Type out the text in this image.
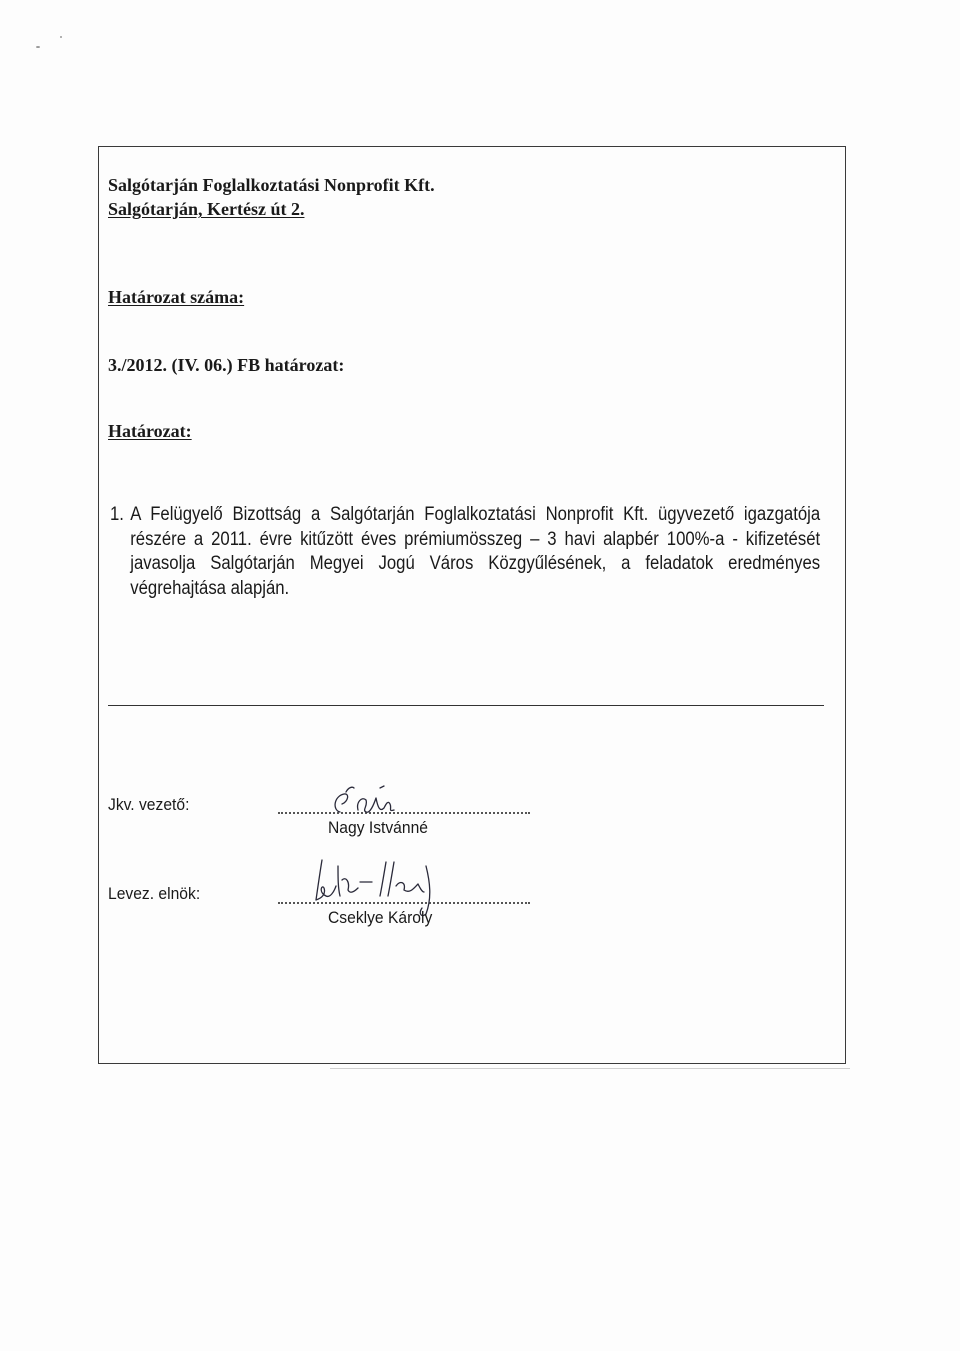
Salgótarján Foglalkoztatási Nonprofit Kft.
Salgótarján, Kertész út 2.
Határozat száma:
3./2012. (IV. 06.) FB határozat:
Határozat:
1. A Felügyelő Bizottság a Salgótarján Foglalkoztatási Nonprofit Kft. ügyvezető igazgatója részére a 2011. évre kitűzött éves prémiumösszeg – 3 havi alapbér 100%-a - kifizetését javasolja Salgótarján Megyei Jogú Város Közgyűlésének, a feladatok eredményes végrehajtása alapján.
Jkv. vezető:
Nagy Istvánné
Levez. elnök:
Cseklye Károly
